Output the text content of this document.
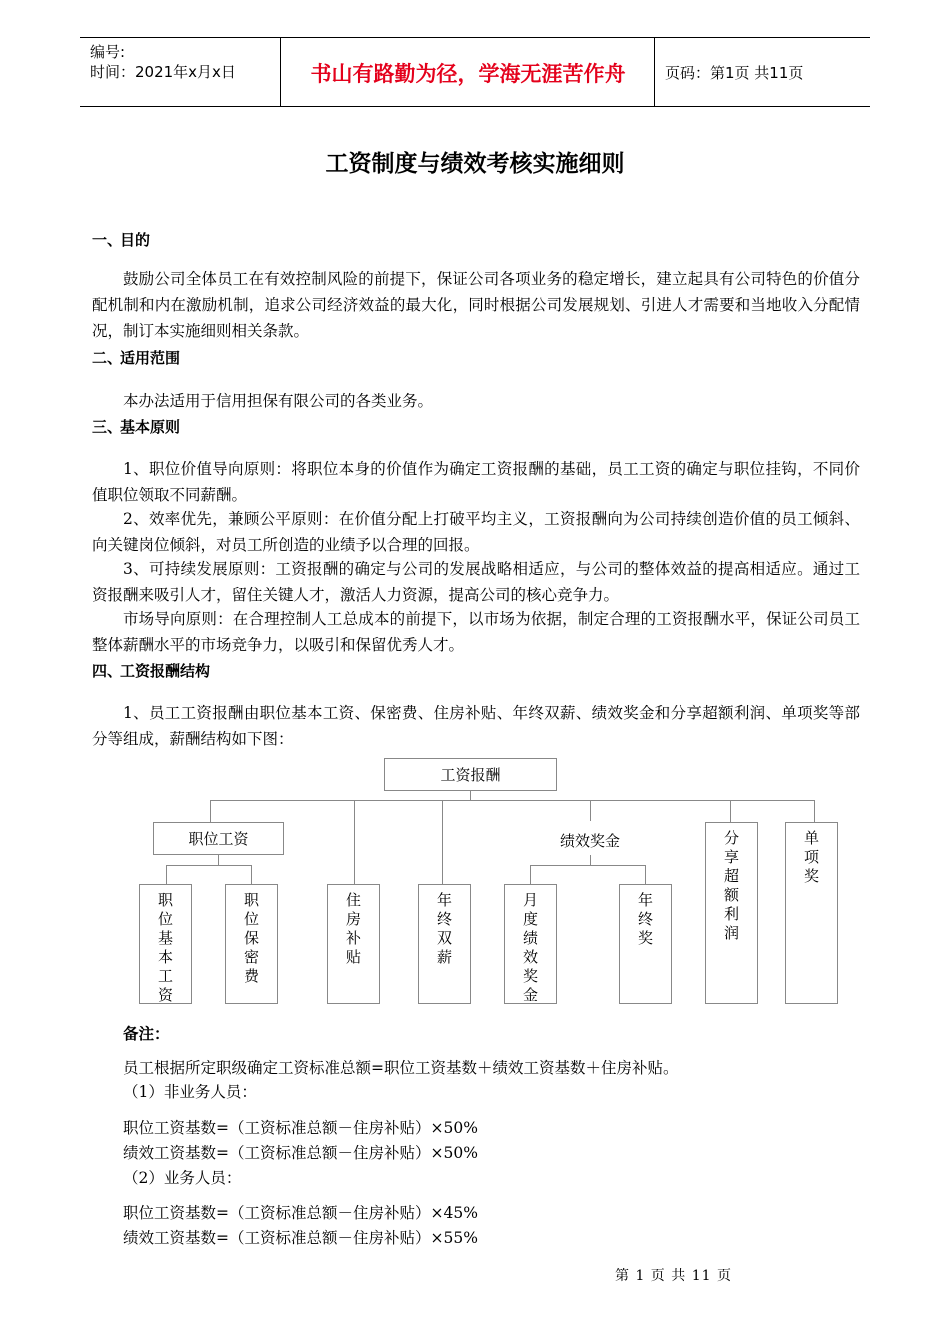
编号:
时间：2021年x月x日	书山有路勤为径，学海无涯苦作舟	页码：第1页 共11页
工资制度与绩效考核实施细则
一、目的
鼓励公司全体员工在有效控制风险的前提下，保证公司各项业务的稳定增长，建立起具有公司特色的价值分配机制和内在激励机制，追求公司经济效益的最大化，同时根据公司发展规划、引进人才需要和当地收入分配情况，制订本实施细则相关条款。
二、适用范围
本办法适用于信用担保有限公司的各类业务。
三、基本原则
1、职位价值导向原则：将职位本身的价值作为确定工资报酬的基础，员工工资的确定与职位挂钩，不同价值职位领取不同薪酬。
2、效率优先，兼顾公平原则：在价值分配上打破平均主义，工资报酬向为公司持续创造价值的员工倾斜、向关键岗位倾斜，对员工所创造的业绩予以合理的回报。
3、可持续发展原则：工资报酬的确定与公司的发展战略相适应，与公司的整体效益的提高相适应。通过工资报酬来吸引人才，留住关键人才，激活人力资源，提高公司的核心竞争力。
市场导向原则：在合理控制人工总成本的前提下，以市场为依据，制定合理的工资报酬水平，保证公司员工整体薪酬水平的市场竞争力，以吸引和保留优秀人才。
四、工资报酬结构
1、员工工资报酬由职位基本工资、保密费、住房补贴、年终双薪、绩效奖金和分享超额利润、单项奖等部分等组成，薪酬结构如下图：
工资报酬
职位工资	绩效奖金
职位基本工资
职位保密费
住房补贴
年终双薪
月度绩效奖金
年终奖
分享超额利润
单项奖
备注：
员工根据所定职级确定工资标准总额=职位工资基数＋绩效工资基数＋住房补贴。
（1）非业务人员：
职位工资基数=（工资标准总额－住房补贴）×50%
绩效工资基数=（工资标准总额－住房补贴）×50%
（2）业务人员：
职位工资基数=（工资标准总额－住房补贴）×45%
绩效工资基数=（工资标准总额－住房补贴）×55%
第 1 页 共 11 页
